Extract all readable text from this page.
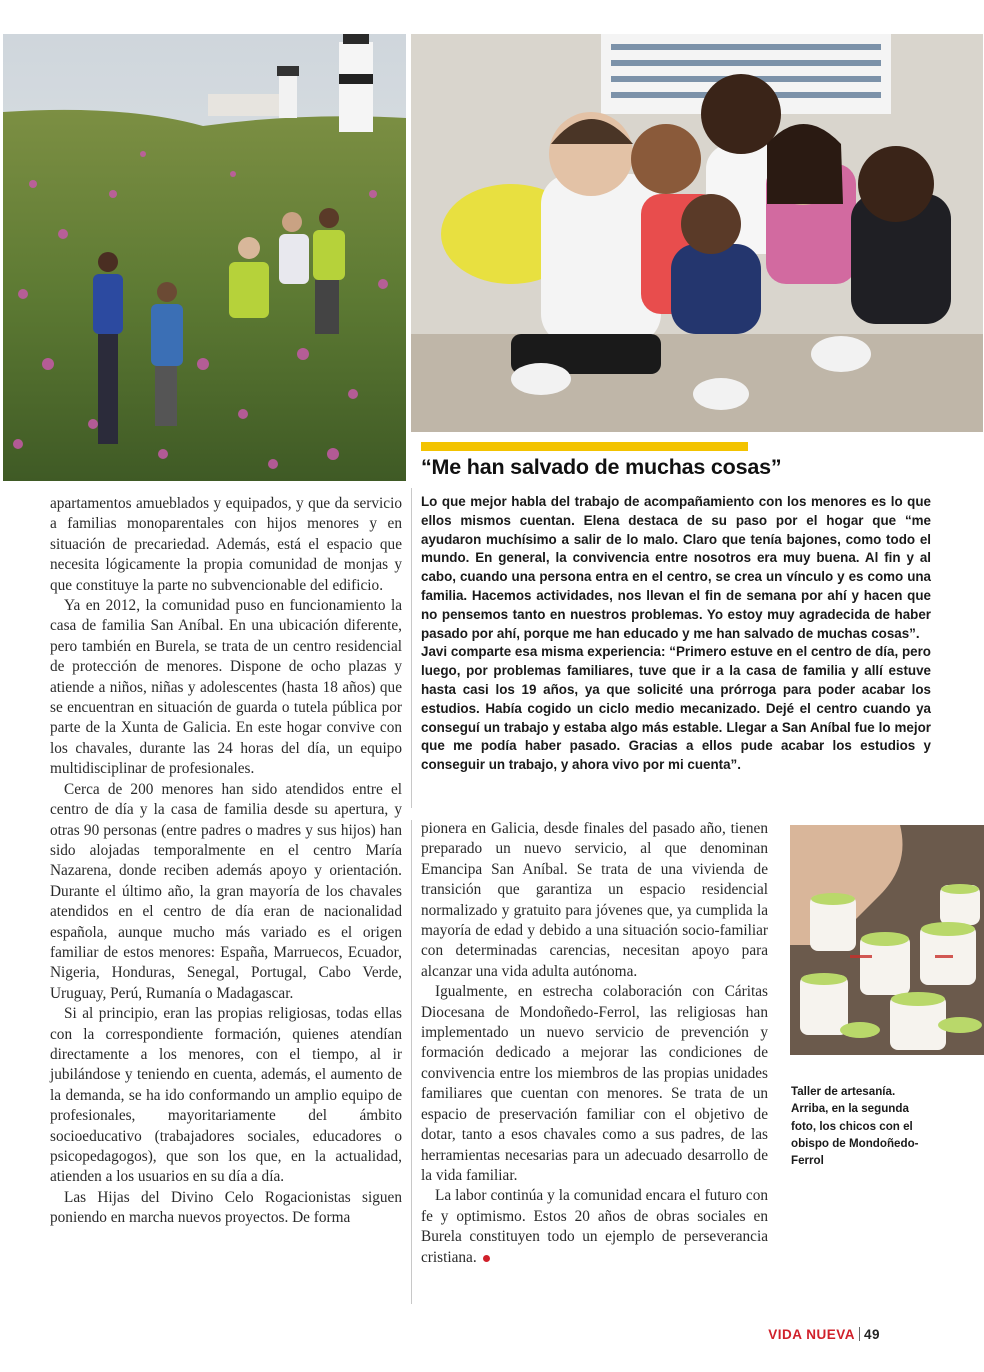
“Me han salvado de muchas cosas”

Lo que mejor habla del trabajo de acompañamiento con los menores es lo que ellos mismos cuentan. Elena destaca de su paso por el hogar que “me ayudaron muchísimo a salir de lo malo. Claro que tenía bajones, como todo el mundo. En general, la convivencia entre nosotros era muy buena. Al fin y al cabo, cuando una persona entra en el centro, se crea un vínculo y es como una familia. Hacemos actividades, nos llevan el fin de semana por ahí y hacen que no pensemos tanto en nuestros problemas. Yo estoy muy agradecida de haber pasado por ahí, porque me han educado y me han salvado de muchas cosas”.

Javi comparte esa misma experiencia: “Primero estuve en el centro de día, pero luego, por problemas familiares, tuve que ir a la casa de familia y allí estuve hasta casi los 19 años, ya que solicité una prórroga para poder acabar los estudios. Había cogido un ciclo medio mecanizado. Dejé el centro cuando ya conseguí un trabajo y estaba algo más estable. Llegar a San Aníbal fue lo mejor que me podía haber pasado. Gracias a ellos pude acabar los estudios y conseguir un trabajo, y ahora vivo por mi cuenta”.

apartamentos amueblados y equipados, y que da servicio a familias monoparentales con hijos menores y en situación de precariedad. Además, está el espacio que necesita lógicamente la propia comunidad de monjas y que constituye la parte no subvencionable del edificio.

Ya en 2012, la comunidad puso en funcionamiento la casa de familia San Aníbal. En una ubicación diferente, pero también en Burela, se trata de un centro residencial de protección de menores. Dispone de ocho plazas y atiende a niños, niñas y adolescentes (hasta 18 años) que se encuentran en situación de guarda o tutela pública por parte de la Xunta de Galicia. En este hogar convive con los chavales, durante las 24 horas del día, un equipo multidisciplinar de profesionales.

Cerca de 200 menores han sido atendidos entre el centro de día y la casa de familia desde su apertura, y otras 90 personas (entre padres o madres y sus hijos) han sido alojadas temporalmente en el centro María Nazarena, donde reciben además apoyo y orientación. Durante el último año, la gran mayoría de los chavales atendidos en el centro de día eran de nacionalidad española, aunque mucho más variado es el origen familiar de estos menores: España, Marruecos, Ecuador, Nigeria, Honduras, Senegal, Portugal, Cabo Verde, Uruguay, Perú, Rumanía o Madagascar.

Si al principio, eran las propias religiosas, todas ellas con la correspondiente formación, quienes atendían directamente a los menores, con el tiempo, al ir jubilándose y teniendo en cuenta, además, el aumento de la demanda, se ha ido conformando un amplio equipo de profesionales, mayoritariamente del ámbito socioeducativo (trabajadores sociales, educadores o psicopedagogos), que son los que, en la actualidad, atienden a los usuarios en su día a día.

Las Hijas del Divino Celo Rogacionistas siguen poniendo en marcha nuevos proyectos. De forma

pionera en Galicia, desde finales del pasado año, tienen preparado un nuevo servicio, al que denominan Emancipa San Aníbal. Se trata de una vivienda de transición que garantiza un espacio residencial normalizado y gratuito para jóvenes que, ya cumplida la mayoría de edad y debido a una situación socio-familiar con determinadas carencias, necesitan apoyo para alcanzar una vida adulta autónoma.

Igualmente, en estrecha colaboración con Cáritas Diocesana de Mondoñedo-Ferrol, las religiosas han implementado un nuevo servicio de prevención y formación dedicado a mejorar las condiciones de convivencia entre los miembros de las propias unidades familiares que cuentan con menores. Se trata de un espacio de preservación familiar con el objetivo de dotar, tanto a esos chavales como a sus padres, de las herramientas necesarias para un adecuado desarrollo de la vida familiar.

La labor continúa y la comunidad encara el futuro con fe y optimismo. Estos 20 años de obras sociales en Burela constituyen todo un ejemplo de perseverancia cristiana.

Taller de artesanía. Arriba, en la segunda foto, los chicos con el obispo de Mondoñedo-Ferrol

VIDA NUEVA 49
